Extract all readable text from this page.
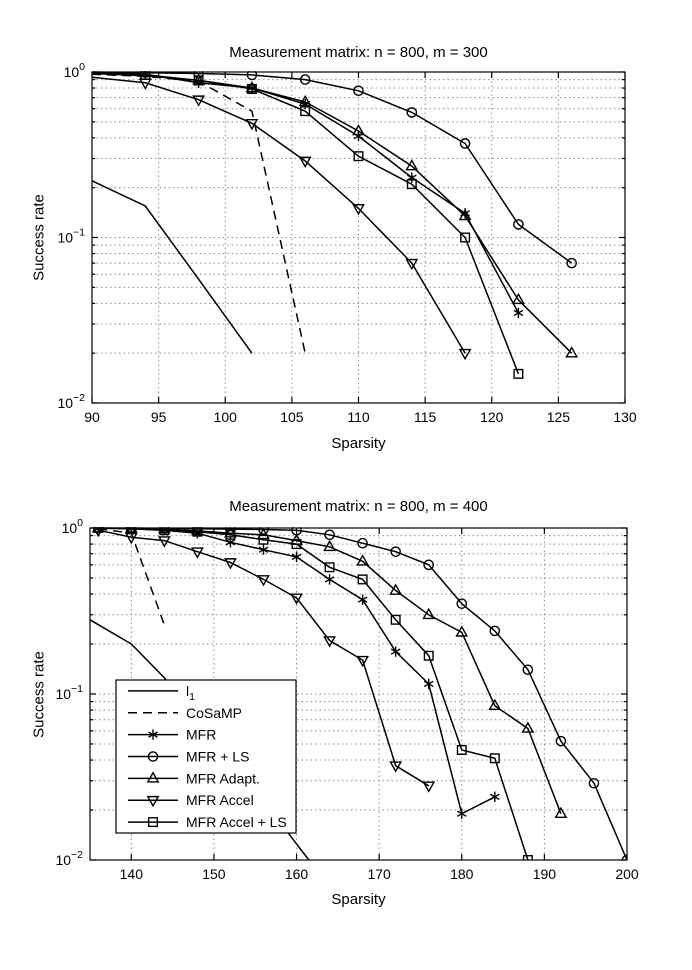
90	95	100	105	110	115	120	125	130
$10^0$
$10^{-1}$
$10^{-2}$
140	150	160	170	180	190	200
$10^0$
$10^{-1}$
$10^{-2}$
$l_1$
CoSaMP
MFR
MFR + LS
MFR Adapt.
MFR Accel
MFR Accel + LS
Measurement matrix: n = 800, m = 300
Sparsity
Success rate
Measurement matrix: n = 800, m = 400
Sparsity
Success rate
